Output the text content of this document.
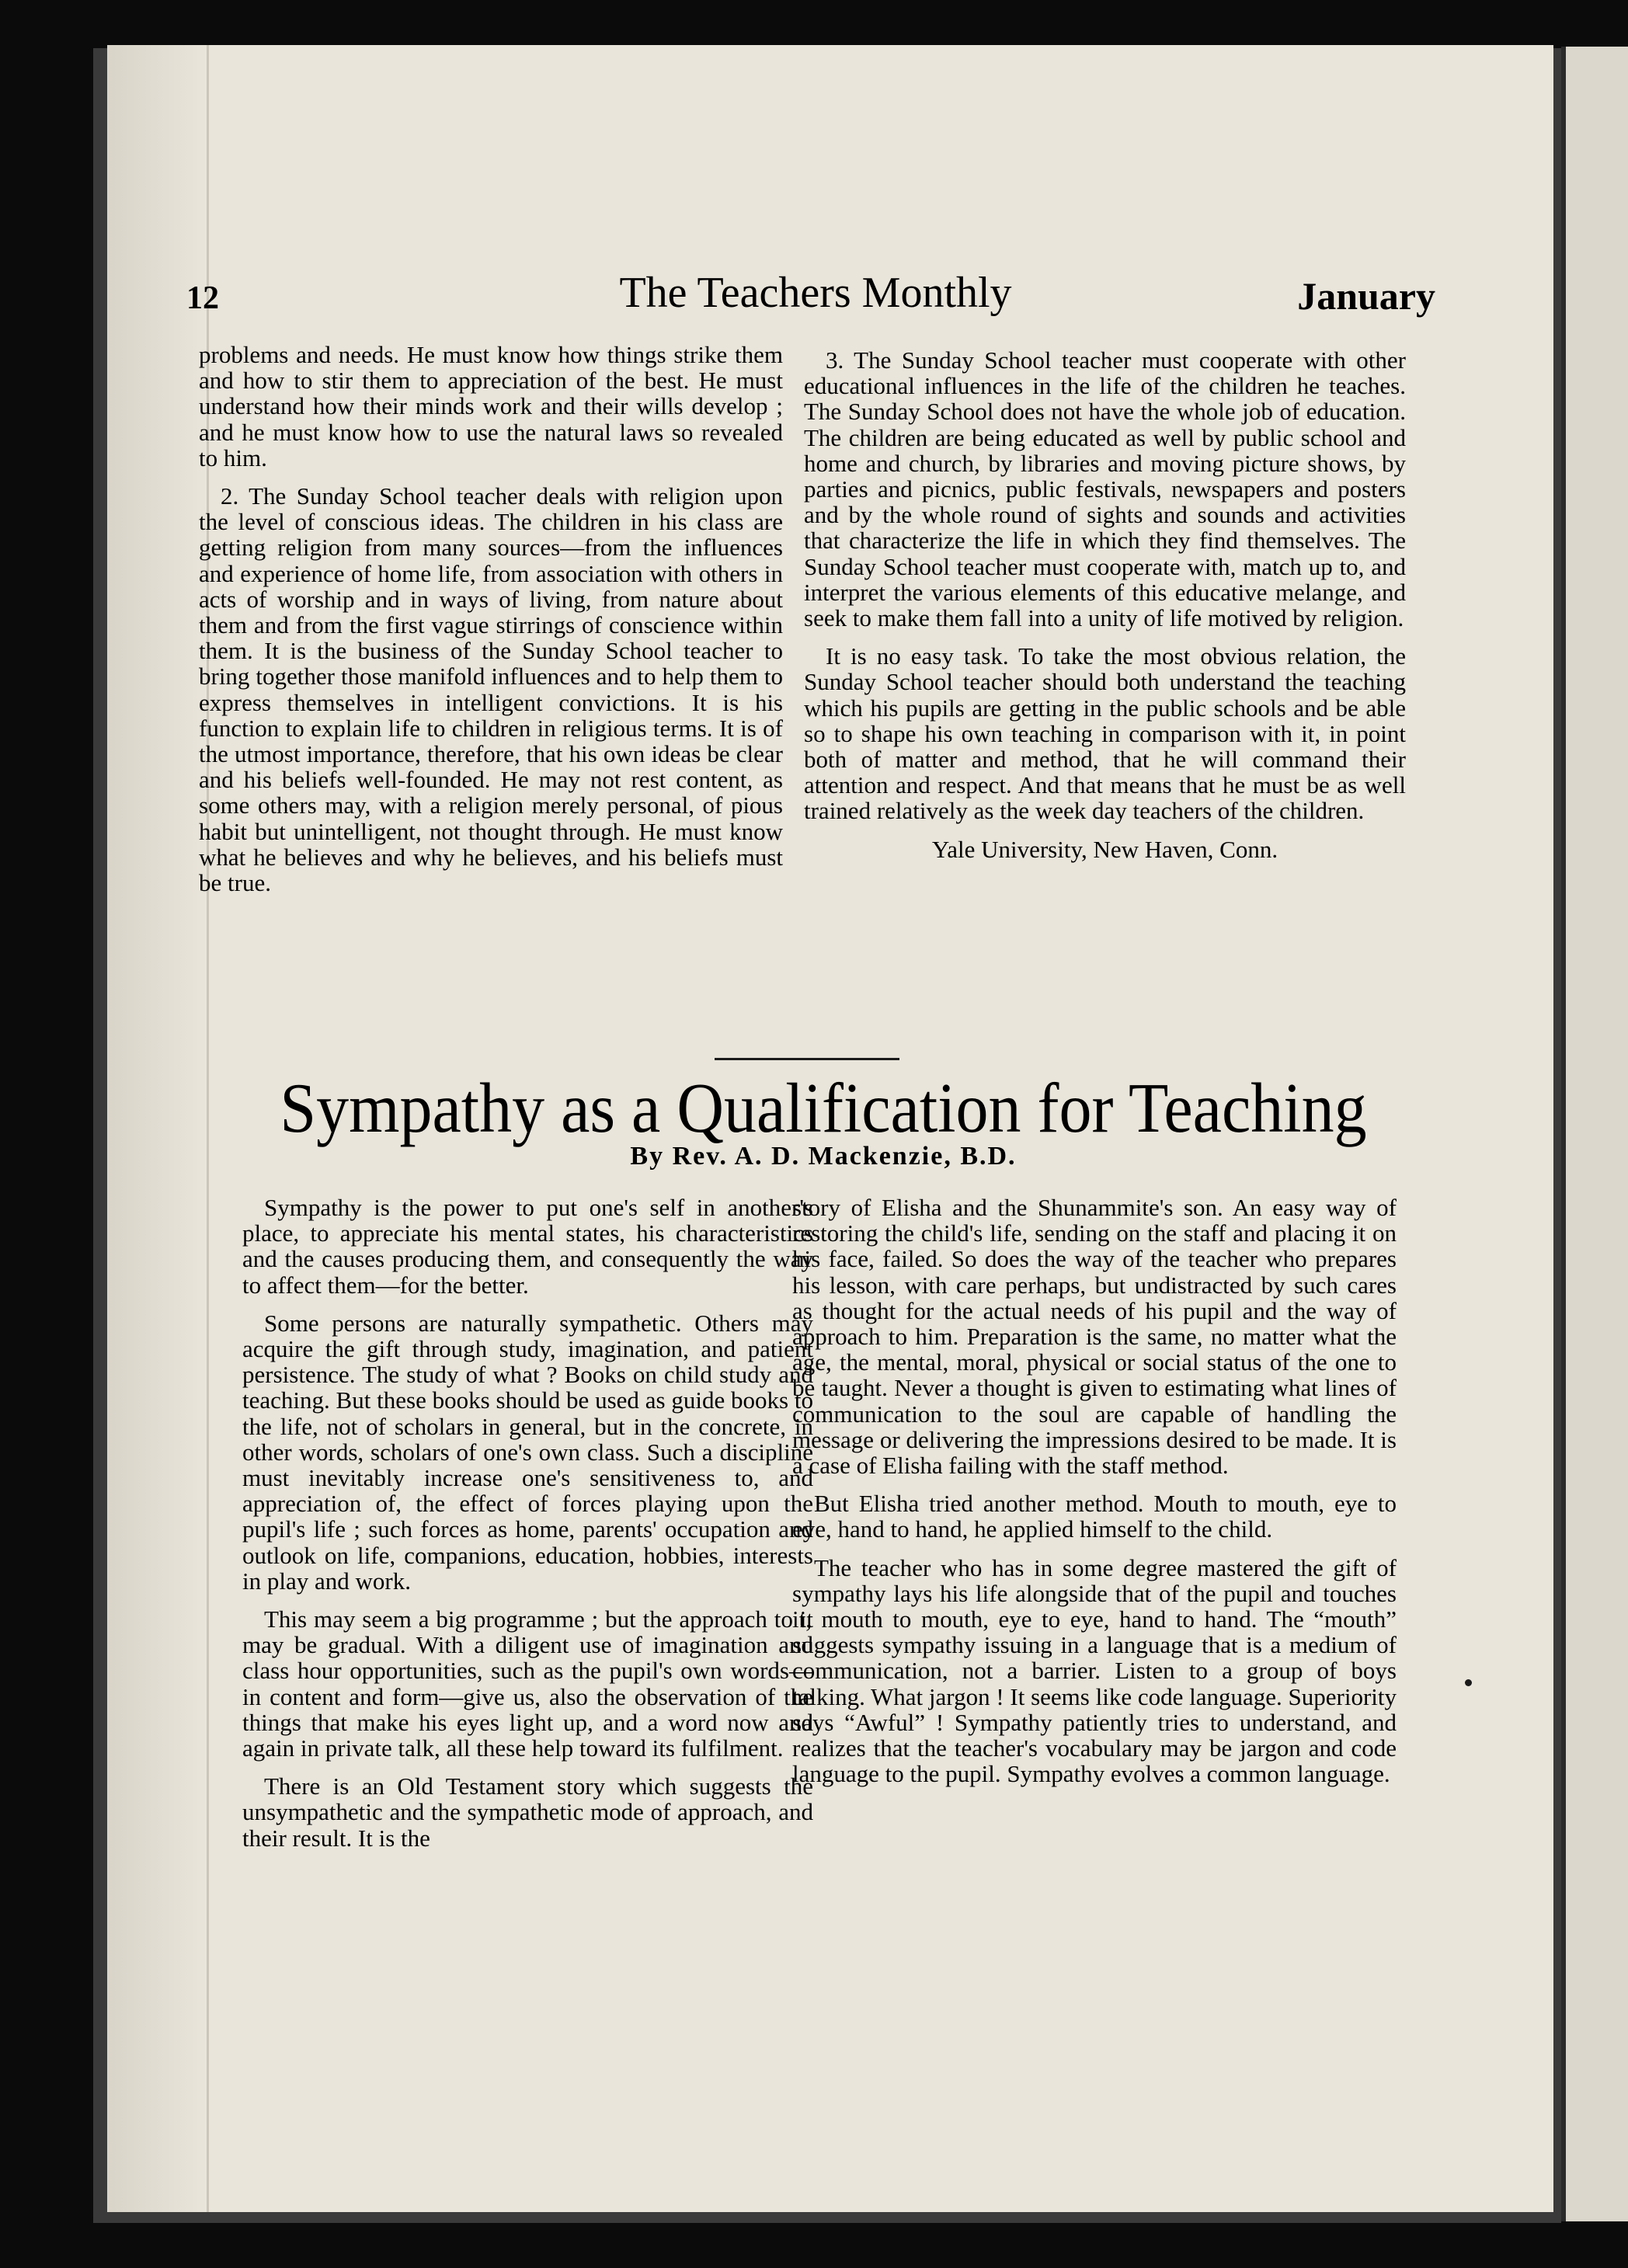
12	The Teachers Monthly	January

problems and needs. He must know how things strike them and how to stir them to appreciation of the best. He must understand how their minds work and their wills develop ; and he must know how to use the natural laws so revealed to him.

2. The Sunday School teacher deals with religion upon the level of conscious ideas. The children in his class are getting religion from many sources—from the influences and experience of home life, from association with others in acts of worship and in ways of living, from nature about them and from the first vague stirrings of conscience within them. It is the business of the Sunday School teacher to bring together those manifold influences and to help them to express themselves in intelligent convictions. It is his function to explain life to children in religious terms. It is of the utmost importance, therefore, that his own ideas be clear and his beliefs well-founded. He may not rest content, as some others may, with a religion merely personal, of pious habit but unintelligent, not thought through. He must know what he believes and why he believes, and his beliefs must be true.

3. The Sunday School teacher must cooperate with other educational influences in the life of the children he teaches. The Sunday School does not have the whole job of education. The children are being educated as well by public school and home and church, by libraries and moving picture shows, by parties and picnics, public festivals, newspapers and posters and by the whole round of sights and sounds and activities that characterize the life in which they find themselves. The Sunday School teacher must cooperate with, match up to, and interpret the various elements of this educative melange, and seek to make them fall into a unity of life motived by religion.

It is no easy task. To take the most obvious relation, the Sunday School teacher should both understand the teaching which his pupils are getting in the public schools and be able so to shape his own teaching in comparison with it, in point both of matter and method, that he will command their attention and respect. And that means that he must be as well trained relatively as the week day teachers of the children.

Yale University, New Haven, Conn.

Sympathy as a Qualification for Teaching
By Rev. A. D. Mackenzie, B.D.

Sympathy is the power to put one's self in another's place, to appreciate his mental states, his characteristics and the causes producing them, and consequently the way to affect them—for the better.

Some persons are naturally sympathetic. Others may acquire the gift through study, imagination, and patient persistence. The study of what ? Books on child study and teaching. But these books should be used as guide books to the life, not of scholars in general, but in the concrete, in other words, scholars of one's own class. Such a discipline must inevitably increase one's sensitiveness to, and appreciation of, the effect of forces playing upon the pupil's life ; such forces as home, parents' occupation and outlook on life, companions, education, hobbies, interests in play and work.

This may seem a big programme ; but the approach to it may be gradual. With a diligent use of imagination and class hour opportunities, such as the pupil's own words—in content and form—give us, also the observation of the things that make his eyes light up, and a word now and again in private talk, all these help toward its fulfilment.

There is an Old Testament story which suggests the unsympathetic and the sympathetic mode of approach, and their result. It is the

story of Elisha and the Shunammite's son. An easy way of restoring the child's life, sending on the staff and placing it on his face, failed. So does the way of the teacher who prepares his lesson, with care perhaps, but undistracted by such cares as thought for the actual needs of his pupil and the way of approach to him. Preparation is the same, no matter what the age, the mental, moral, physical or social status of the one to be taught. Never a thought is given to estimating what lines of communication to the soul are capable of handling the message or delivering the impressions desired to be made. It is a case of Elisha failing with the staff method.

But Elisha tried another method. Mouth to mouth, eye to eye, hand to hand, he applied himself to the child.

The teacher who has in some degree mastered the gift of sympathy lays his life alongside that of the pupil and touches it, mouth to mouth, eye to eye, hand to hand. The “mouth” suggests sympathy issuing in a language that is a medium of communication, not a barrier. Listen to a group of boys talking. What jargon ! It seems like code language. Superiority says “Awful” ! Sympathy patiently tries to understand, and realizes that the teacher's vocabulary may be jargon and code language to the pupil. Sympathy evolves a common language.
